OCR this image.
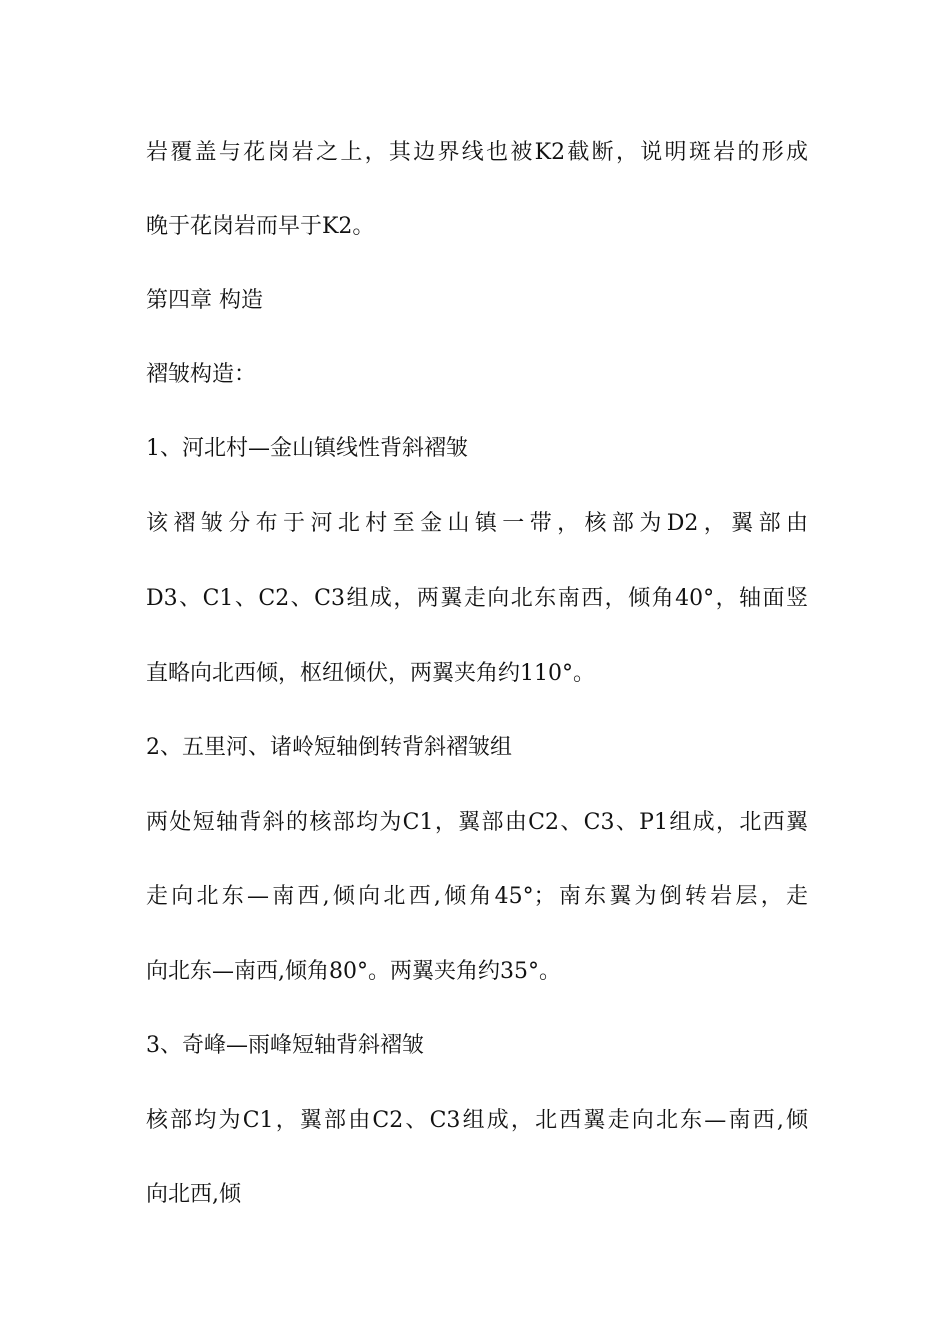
岩覆盖与花岗岩之上，其边界线也被K2截断，说明斑岩的形成
晚于花岗岩而早于K2。
第四章 构造
褶皱构造：
1、河北村—金山镇线性背斜褶皱
该褶皱分布于河北村至金山镇一带，核部为D2，翼部由
D3、C1、C2、C3组成，两翼走向北东南西，倾角40°，轴面竖
直略向北西倾，枢纽倾伏，两翼夹角约110°。
2、五里河、诸岭短轴倒转背斜褶皱组
两处短轴背斜的核部均为C1，翼部由C2、C3、P1组成，北西翼
走向北东—南西,倾向北西,倾角45°；南东翼为倒转岩层，走
向北东—南西,倾角80°。两翼夹角约35°。
3、奇峰—雨峰短轴背斜褶皱
核部均为C1，翼部由C2、C3组成，北西翼走向北东—南西,倾
向北西,倾
